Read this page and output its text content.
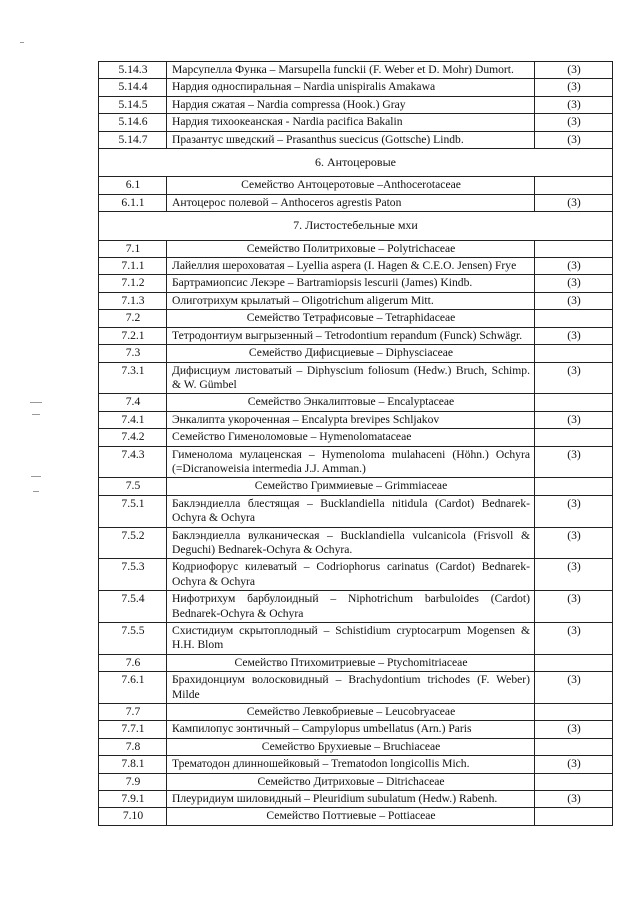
5.14.3	Марсупелла Функа – Marsupella funckii (F. Weber et D. Mohr) Dumort.	(3)
5.14.4	Нардия односпиральная – Nardia unispiralis Amakawa	(3)
5.14.5	Нардия сжатая – Nardia compressa (Hook.) Gray	(3)
5.14.6	Нардия тихоокеанская - Nardia pacifica Bakalin	(3)
5.14.7	Празантус шведский – Prasanthus suecicus (Gottsche) Lindb.	(3)
6. Антоцеровые		
6.1	Семейство Антоцеротовые –Anthocerotaceae	
6.1.1	Антоцерос полевой – Anthoceros agrestis Paton	(3)
7. Листостебельные мхи		
7.1	Семейство Политриховые – Polytrichaceae	
7.1.1	Лайеллия шероховатая – Lyellia aspera (I. Hagen & C.E.O. Jensen) Frye	(3)
7.1.2	Бартрамиопсис Лекэре – Bartramiopsis lescurii (James) Kindb.	(3)
7.1.3	Олиготрихум крылатый – Oligotrichum aligerum Mitt.	(3)
7.2	Семейство Тетрафисовые – Tetraphidaceae	
7.2.1	Тетродонтиум выгрызенный – Tetrodontium repandum (Funck) Schwägr.	(3)
7.3	Семейство Дифисциевые – Diphysciaceae	
7.3.1	Дифисциум листоватый – Diphyscium foliosum (Hedw.) Bruch, Schimp. & W. Gümbel	(3)
7.4	Семейство Энкалиптовые – Encalyptaceae	
7.4.1	Энкалипта укороченная – Encalypta brevipes Schljakov	(3)
7.4.2	Семейство Гименоломовые – Hymenolomataceae	
7.4.3	Гименолома мулаценская – Hymenoloma mulahaceni (Höhn.) Ochyra (=Dicranoweisia intermedia J.J. Amman.)	(3)
7.5	Семейство Гриммиевые – Grimmiaceae	
7.5.1	Баклэндиелла блестящая – Bucklandiella nitidula (Cardot) Bednarek-Ochyra & Ochyra	(3)
7.5.2	Баклэндиелла вулканическая – Bucklandiella vulcanicola (Frisvoll & Deguchi) Bednarek-Ochyra & Ochyra.	(3)
7.5.3	Кодриофорус килеватый – Codriophorus carinatus (Cardot) Bednarek-Ochyra & Ochyra	(3)
7.5.4	Нифотрихум барбулоидный – Niphotrichum barbuloides (Cardot) Bednarek-Ochyra & Ochyra	(3)
7.5.5	Схистидиум скрытоплодный – Schistidium cryptocarpum Mogensen & H.H. Blom	(3)
7.6	Семейство Птихомитриевые – Ptychomitriaceae	
7.6.1	Брахидонциум волосковидный – Brachydontium trichodes (F. Weber) Milde	(3)
7.7	Семейство Левкобриевые – Leucobryaceae	
7.7.1	Кампилопус зонтичный – Campylopus umbellatus (Arn.) Paris	(3)
7.8	Семейство Брухиевые – Bruchiaceae	
7.8.1	Трематодон длинношейковый – Trematodon longicollis Mich.	(3)
7.9	Семейство Дитриховые – Ditrichaceae	
7.9.1	Плеуридиум шиловидный – Pleuridium subulatum (Hedw.) Rabenh.	(3)
7.10	Семейство Поттиевые – Pottiaceae	
